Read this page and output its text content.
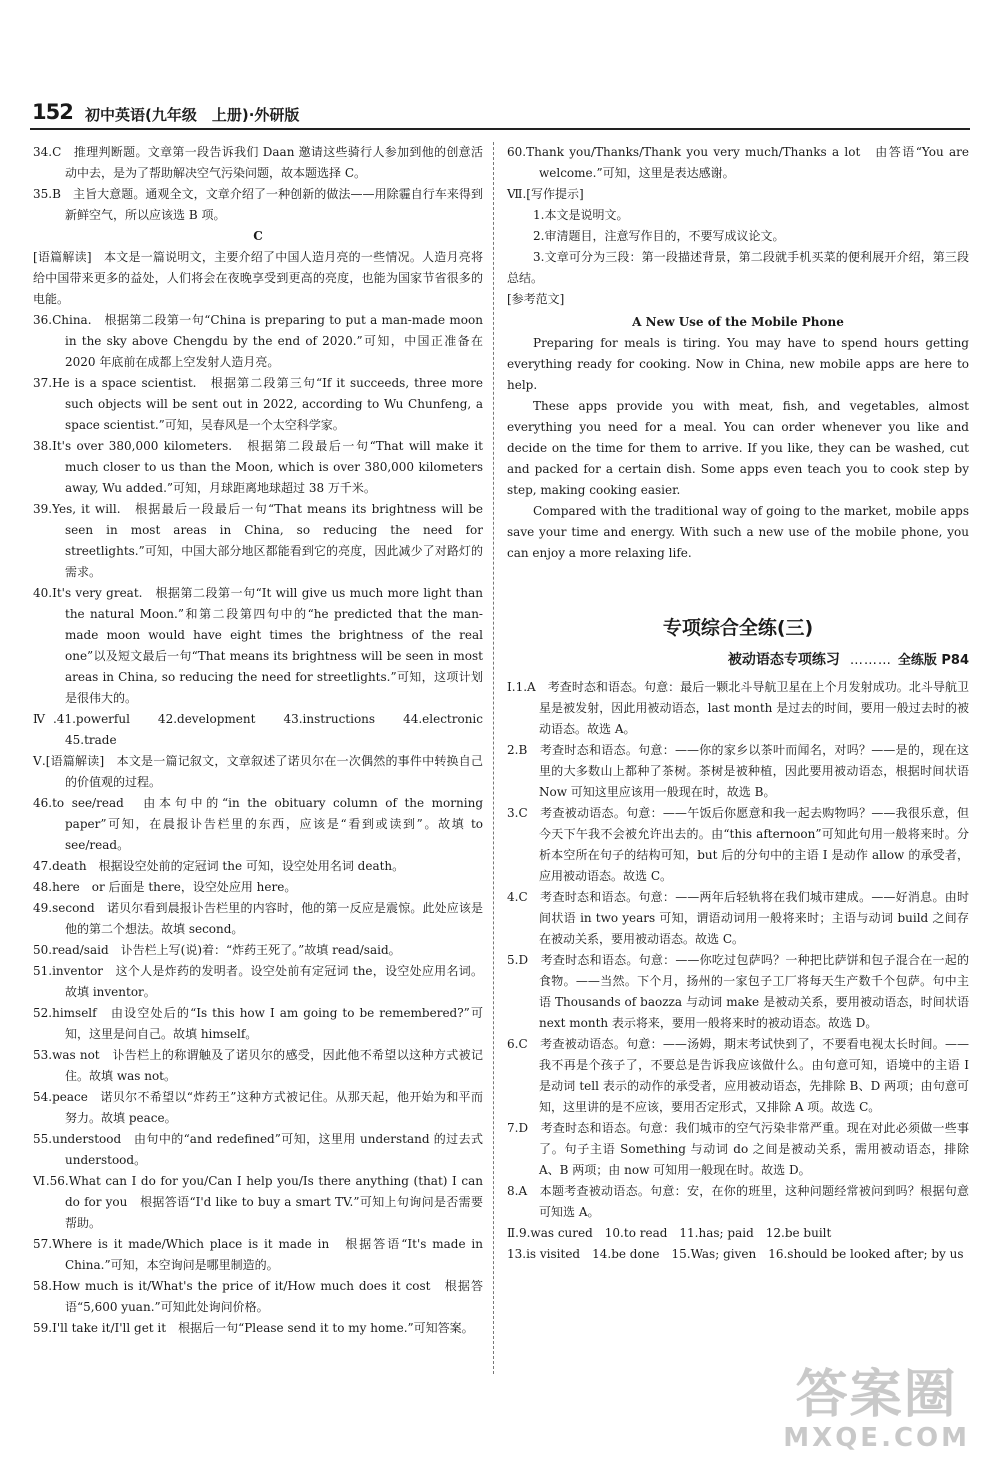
152 初中英语(九年级　上册)·外研版

34.C　推理判断题。文章第一段告诉我们 Daan 邀请这些骑行人参加到他的创意活动中去，是为了帮助解决空气污染问题，故本题选择 C。

35.B　主旨大意题。通观全文，文章介绍了一种创新的做法——用除霾自行车来得到新鲜空气，所以应该选 B 项。

C

[语篇解读]　本文是一篇说明文，主要介绍了中国人造月亮的一些情况。人造月亮将给中国带来更多的益处，人们将会在夜晚享受到更高的亮度，也能为国家节省很多的电能。

36.China.　根据第二段第一句“China is preparing to put a man-made moon in the sky above Chengdu by the end of 2020.”可知，中国正准备在 2020 年底前在成都上空发射人造月亮。

37.He is a space scientist.　根据第二段第三句“If it succeeds, three more such objects will be sent out in 2022, according to Wu Chunfeng, a space scientist.”可知，吴春风是一个太空科学家。

38.It's over 380,000 kilometers.　根据第二段最后一句“That will make it much closer to us than the Moon, which is over 380,000 kilometers away, Wu added.”可知，月球距离地球超过 38 万千米。

39.Yes, it will.　根据最后一段最后一句“That means its brightness will be seen in most areas in China, so reducing the need for streetlights.”可知，中国大部分地区都能看到它的亮度，因此减少了对路灯的需求。

40.It's very great.　根据第二段第一句“It will give us much more light than the natural Moon.”和第二段第四句中的“he predicted that the man-made moon would have eight times the brightness of the real one”以及短文最后一句“That means its brightness will be seen in most areas in China, so reducing the need for streetlights.”可知，这项计划是很伟大的。

Ⅳ.41.powerful　42.development　43.instructions　44.electronic　45.trade

Ⅴ.[语篇解读]　本文是一篇记叙文，文章叙述了诺贝尔在一次偶然的事件中转换自己的价值观的过程。

46.to see/read　由本句中的“in the obituary column of the morning paper”可知，在晨报讣告栏里的东西，应该是“看到或读到”。故填 to see/read。

47.death　根据设空处前的定冠词 the 可知，设空处用名词 death。

48.here　or 后面是 there，设空处应用 here。

49.second　诺贝尔看到晨报讣告栏里的内容时，他的第一反应是震惊。此处应该是他的第二个想法。故填 second。

50.read/said　讣告栏上写(说)着：“炸药王死了。”故填 read/said。

51.inventor　这个人是炸药的发明者。设空处前有定冠词 the，设空处应用名词。故填 inventor。

52.himself　由设空处后的“Is this how I am going to be remembered?”可知，这里是问自己。故填 himself。

53.was not　讣告栏上的称谓触及了诺贝尔的感受，因此他不希望以这种方式被记住。故填 was not。

54.peace　诺贝尔不希望以“炸药王”这种方式被记住。从那天起，他开始为和平而努力。故填 peace。

55.understood　由句中的“and redefined”可知，这里用 understand 的过去式 understood。

Ⅵ.56.What can I do for you/Can I help you/Is there anything (that) I can do for you　根据答语“I'd like to buy a smart TV.”可知上句询问是否需要帮助。

57.Where is it made/Which place is it made in　根据答语“It's made in China.”可知，本空询问是哪里制造的。

58.How much is it/What's the price of it/How much does it cost　根据答语“5,600 yuan.”可知此处询问价格。

59.I'll take it/I'll get it　根据后一句“Please send it to my home.”可知答案。

60.Thank you/Thanks/Thank you very much/Thanks a lot　由答语“You are welcome.”可知，这里是表达感谢。

Ⅶ.[写作提示]

1.本文是说明文。

2.审清题目，注意写作目的，不要写成议论文。

3.文章可分为三段：第一段描述背景，第二段就手机买菜的便利展开介绍，第三段总结。

[参考范文]

A New Use of the Mobile Phone

Preparing for meals is tiring. You may have to spend hours getting everything ready for cooking. Now in China, new mobile apps are here to help.

These apps provide you with meat, fish, and vegetables, almost everything you need for a meal. You can order whenever you like and decide on the time for them to arrive. If you like, they can be washed, cut and packed for a certain dish. Some apps even teach you to cook step by step, making cooking easier.

Compared with the traditional way of going to the market, mobile apps save your time and energy. With such a new use of the mobile phone, you can enjoy a more relaxing life.

专项综合全练(三)
被动语态专项练习 ……… 全练版 P84

Ⅰ.1.A　考查时态和语态。句意：最后一颗北斗导航卫星在上个月发射成功。北斗导航卫星是被发射，因此用被动语态，last month 是过去的时间，要用一般过去时的被动语态。故选 A。

2.B　考查时态和语态。句意：——你的家乡以茶叶而闻名，对吗？——是的，现在这里的大多数山上都种了茶树。茶树是被种植，因此要用被动语态，根据时间状语 Now 可知这里应该用一般现在时，故选 B。

3.C　考查被动语态。句意：——午饭后你愿意和我一起去购物吗？——我很乐意，但今天下午我不会被允许出去的。由“this afternoon”可知此句用一般将来时。分析本空所在句子的结构可知，but 后的分句中的主语 I 是动作 allow 的承受者，应用被动语态。故选 C。

4.C　考查时态和语态。句意：——两年后轻轨将在我们城市建成。——好消息。由时间状语 in two years 可知，谓语动词用一般将来时；主语与动词 build 之间存在被动关系，要用被动语态。故选 C。

5.D　考查时态和语态。句意：——你吃过包萨吗？一种把比萨饼和包子混合在一起的食物。——当然。下个月，扬州的一家包子工厂将每天生产数千个包萨。句中主语 Thousands of baozza 与动词 make 是被动关系，要用被动语态，时间状语 next month 表示将来，要用一般将来时的被动语态。故选 D。

6.C　考查被动语态。句意：——汤姆，期末考试快到了，不要看电视太长时间。——我不再是个孩子了，不要总是告诉我应该做什么。由句意可知，语境中的主语 I 是动词 tell 表示的动作的承受者，应用被动语态，先排除 B、D 两项；由句意可知，这里讲的是不应该，要用否定形式，又排除 A 项。故选 C。

7.D　考查时态和语态。句意：我们城市的空气污染非常严重。现在对此必须做一些事了。句子主语 Something 与动词 do 之间是被动关系，需用被动语态，排除 A、B 两项；由 now 可知用一般现在时。故选 D。

8.A　本题考查被动语态。句意：安，在你的班里，这种问题经常被问到吗？根据句意可知选 A。

Ⅱ.9.was cured　10.to read　11.has; paid　12.be built

13.is visited　14.be done　15.Was; given　16.should be looked after; by us

答案圈
MXQE.COM
